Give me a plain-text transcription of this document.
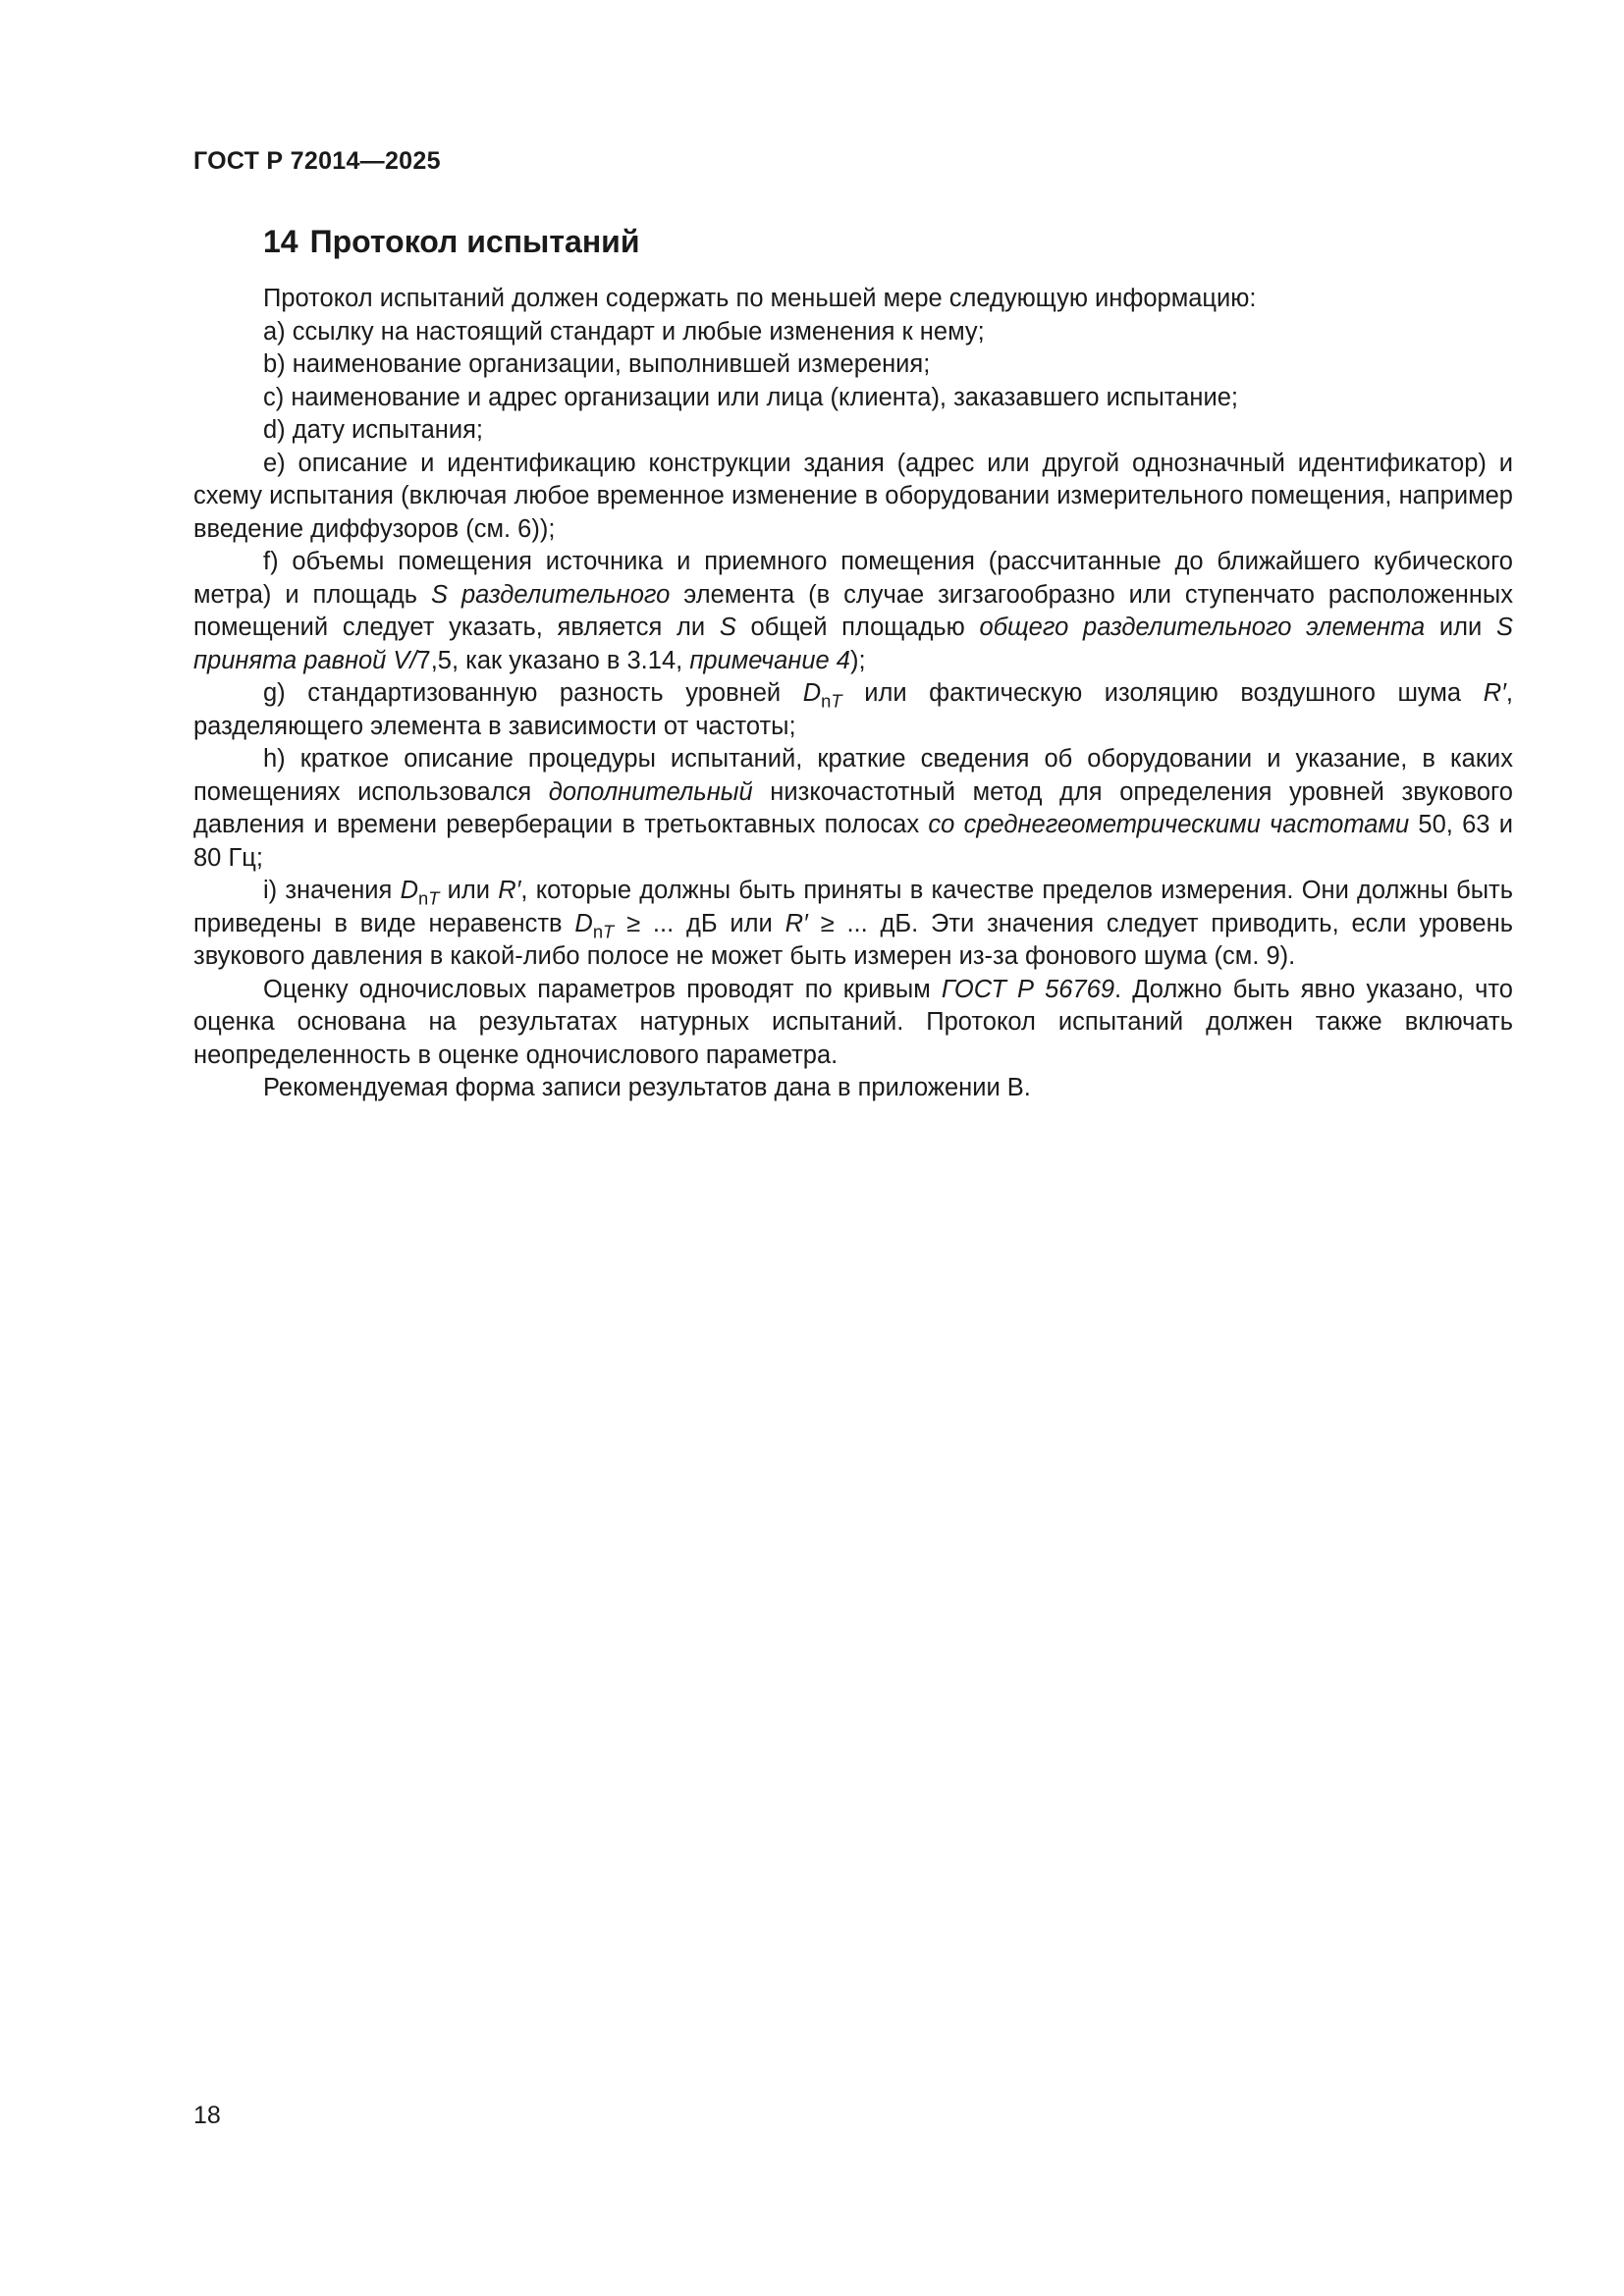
ГОСТ Р 72014—2025
14 Протокол испытаний

Протокол испытаний должен содержать по меньшей мере следующую информацию:

a) ссылку на настоящий стандарт и любые изменения к нему;

b) наименование организации, выполнившей измерения;

c) наименование и адрес организации или лица (клиента), заказавшего испытание;

d) дату испытания;

e) описание и идентификацию конструкции здания (адрес или другой однозначный идентификатор) и схему испытания (включая любое временное изменение в оборудовании измерительного помещения, например введение диффузоров (см. 6));

f) объемы помещения источника и приемного помещения (рассчитанные до ближайшего кубического метра) и площадь S разделительного элемента (в случае зигзагообразно или ступенчато расположенных помещений следует указать, является ли S общей площадью общего разделительного элемента или S принята равной V/7,5, как указано в 3.14, примечание 4);

g) стандартизованную разность уровней $D_{nT}$ или фактическую изоляцию воздушного шума R′, разделяющего элемента в зависимости от частоты;

h) краткое описание процедуры испытаний, краткие сведения об оборудовании и указание, в каких помещениях использовался дополнительный низкочастотный метод для определения уровней звукового давления и времени реверберации в третьоктавных полосах со среднегеометрическими частотами 50, 63 и 80 Гц;

i) значения $D_{nT}$ или R′, которые должны быть приняты в качестве пределов измерения. Они должны быть приведены в виде неравенств $D_{nT}$ ≥ ... дБ или R′ ≥ ... дБ. Эти значения следует приводить, если уровень звукового давления в какой-либо полосе не может быть измерен из-за фонового шума (см. 9).

Оценку одночисловых параметров проводят по кривым ГОСТ Р 56769. Должно быть явно указано, что оценка основана на результатах натурных испытаний. Протокол испытаний должен также включать неопределенность в оценке одночислового параметра.

Рекомендуемая форма записи результатов дана в приложении В.

18
